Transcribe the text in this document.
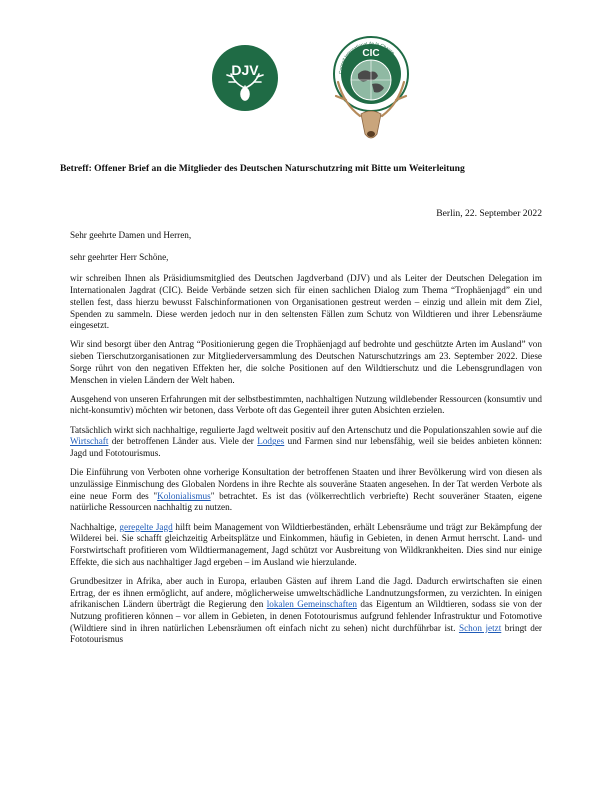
DJV	Conseil International de la Chasse
CIC
Betreff: Offener Brief an die Mitglieder des Deutschen Naturschutzring mit Bitte um Weiterleitung
Berlin, 22. September 2022

Sehr geehrte Damen und Herren,

sehr geehrter Herr Schöne,

wir schreiben Ihnen als Präsidiumsmitglied des Deutschen Jagdverband (DJV) und als Leiter der Deutschen Delegation im Internationalen Jagdrat (CIC). Beide Verbände setzen sich für einen sachlichen Dialog zum Thema “Trophäenjagd” ein und stellen fest, dass hierzu bewusst Falschinformationen von Organisationen gestreut werden – einzig und allein mit dem Ziel, Spenden zu sammeln. Diese werden jedoch nur in den seltensten Fällen zum Schutz von Wildtieren und ihrer Lebensräume eingesetzt.

Wir sind besorgt über den Antrag “Positionierung gegen die Trophäenjagd auf bedrohte und geschützte Arten im Ausland” von sieben Tierschutzorganisationen zur Mitgliederversammlung des Deutschen Naturschutzrings am 23. September 2022. Diese Sorge rührt von den negativen Effekten her, die solche Positionen auf den Wildtierschutz und die Lebensgrundlagen von Menschen in vielen Ländern der Welt haben.

Ausgehend von unseren Erfahrungen mit der selbstbestimmten, nachhaltigen Nutzung wildlebender Ressourcen (konsumtiv und nicht-konsumtiv) möchten wir betonen, dass Verbote oft das Gegenteil ihrer guten Absichten erzielen.

Tatsächlich wirkt sich nachhaltige, regulierte Jagd weltweit positiv auf den Artenschutz und die Populationszahlen sowie auf die Wirtschaft der betroffenen Länder aus. Viele der Lodges und Farmen sind nur lebensfähig, weil sie beides anbieten können: Jagd und Fototourismus.

Die Einführung von Verboten ohne vorherige Konsultation der betroffenen Staaten und ihrer Bevölkerung wird von diesen als unzulässige Einmischung des Globalen Nordens in ihre Rechte als souveräne Staaten angesehen. In der Tat werden Verbote als eine neue Form des "Kolonialismus" betrachtet. Es ist das (völkerrechtlich verbriefte) Recht souveräner Staaten, eigene natürliche Ressourcen nachhaltig zu nutzen.

Nachhaltige, geregelte Jagd hilft beim Management von Wildtierbeständen, erhält Lebensräume und trägt zur Bekämpfung der Wilderei bei. Sie schafft gleichzeitig Arbeitsplätze und Einkommen, häufig in Gebieten, in denen Armut herrscht. Land- und Forstwirtschaft profitieren vom Wildtiermanagement, Jagd schützt vor Ausbreitung von Wildkrankheiten. Dies sind nur einige Effekte, die sich aus nachhaltiger Jagd ergeben – im Ausland wie hierzulande.

Grundbesitzer in Afrika, aber auch in Europa, erlauben Gästen auf ihrem Land die Jagd. Dadurch erwirtschaften sie einen Ertrag, der es ihnen ermöglicht, auf andere, möglicherweise umweltschädliche Landnutzungsformen, zu verzichten. In einigen afrikanischen Ländern überträgt die Regierung den lokalen Gemeinschaften das Eigentum an Wildtieren, sodass sie von der Nutzung profitieren können – vor allem in Gebieten, in denen Fototourismus aufgrund fehlender Infrastruktur und Fotomotive (Wildtiere sind in ihren natürlichen Lebensräumen oft einfach nicht zu sehen) nicht durchführbar ist. Schon jetzt bringt der Fototourismus
